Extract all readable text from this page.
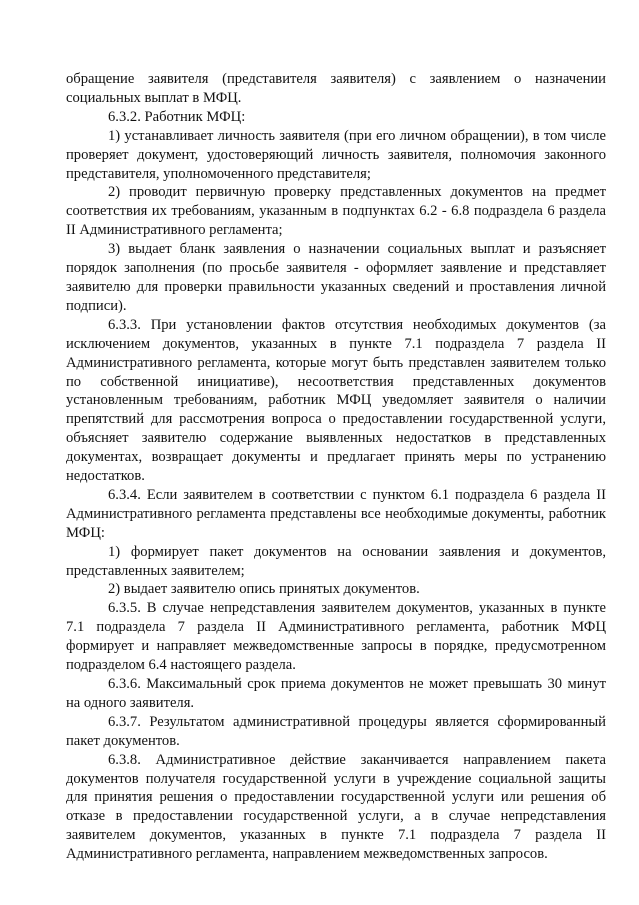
обращение заявителя (представителя заявителя) с заявлением о назначении социальных выплат в МФЦ.

6.3.2. Работник МФЦ:

1) устанавливает личность заявителя (при его личном обращении), в том числе проверяет документ, удостоверяющий личность заявителя, полномочия законного представителя, уполномоченного представителя;

2) проводит первичную проверку представленных документов на предмет соответствия их требованиям, указанным в подпунктах 6.2 - 6.8 подраздела 6 раздела II Административного регламента;

3) выдает бланк заявления о назначении социальных выплат и разъясняет порядок заполнения (по просьбе заявителя - оформляет заявление и представляет заявителю для проверки правильности указанных сведений и проставления личной подписи).

6.3.3. При установлении фактов отсутствия необходимых документов (за исключением документов, указанных в пункте 7.1 подраздела 7 раздела II Административного регламента, которые могут быть представлен заявителем только по собственной инициативе), несоответствия представленных документов установленным требованиям, работник МФЦ уведомляет заявителя о наличии препятствий для рассмотрения вопроса о предоставлении государственной услуги, объясняет заявителю содержание выявленных недостатков в представленных документах, возвращает документы и предлагает принять меры по устранению недостатков.

6.3.4. Если заявителем в соответствии с пунктом 6.1 подраздела 6 раздела II Административного регламента представлены все необходимые документы, работник МФЦ:

1) формирует пакет документов на основании заявления и документов, представленных заявителем;

2) выдает заявителю опись принятых документов.

6.3.5. В случае непредставления заявителем документов, указанных в пункте 7.1 подраздела 7 раздела II Административного регламента, работник МФЦ формирует и направляет межведомственные запросы в порядке, предусмотренном подразделом 6.4 настоящего раздела.

6.3.6. Максимальный срок приема документов не может превышать 30 минут на одного заявителя.

6.3.7. Результатом административной процедуры является сформированный пакет документов.

6.3.8. Административное действие заканчивается направлением пакета документов получателя государственной услуги в учреждение социальной защиты для принятия решения о предоставлении государственной услуги или решения об отказе в предоставлении государственной услуги, а в случае непредставления заявителем документов, указанных в пункте 7.1 подраздела 7 раздела II Административного регламента, направлением межведомственных запросов.
